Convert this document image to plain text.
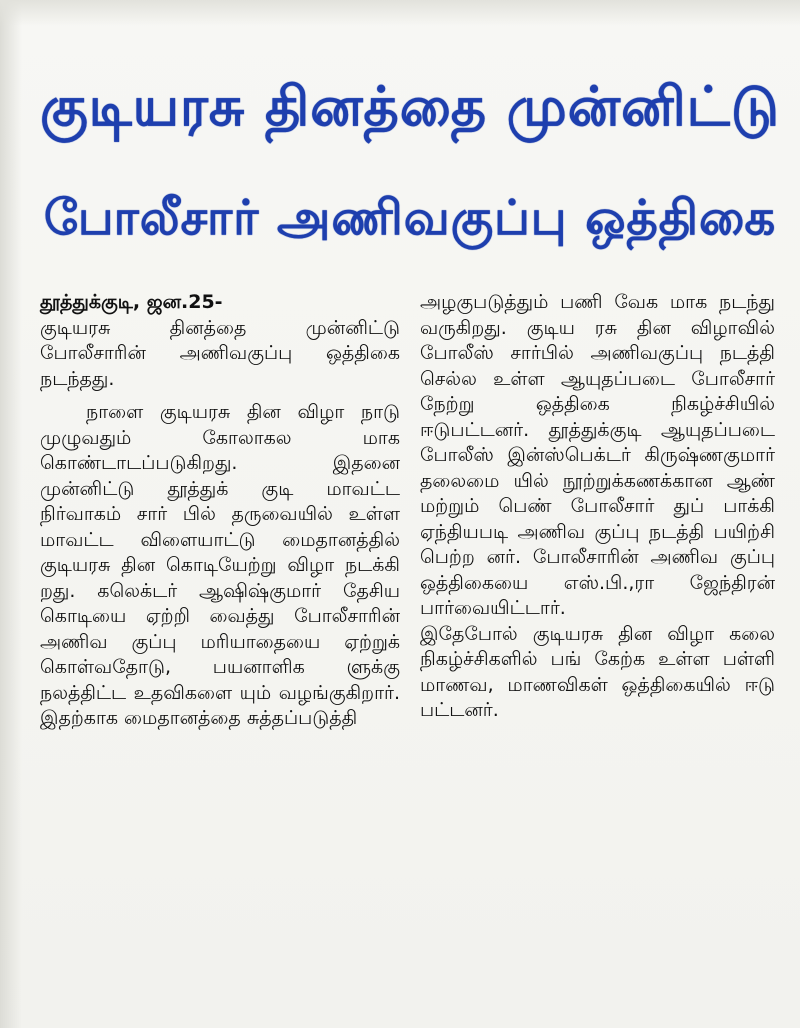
குடியரசு தினத்தை முன்னிட்டு
போலீசார் அணிவகுப்பு ஒத்திகை

தூத்துக்குடி, ஜன.25-

குடியரசு தினத்தை முன்னிட்டு போலீசாரின் அணிவகுப்பு ஒத்திகை நடந்தது.

நாளை குடியரசு தின விழா நாடு முழுவதும் கோலாகல மாக கொண்டாடப்படுகிறது. இதனை முன்னிட்டு தூத்துக் குடி மாவட்ட நிர்வாகம் சார் பில் தருவையில் உள்ள மாவட்ட விளையாட்டு மைதானத்தில் குடியரசு தின கொடியேற்று விழா நடக்கி றது. கலெக்டர் ஆஷிஷ்குமார் தேசிய கொடியை ஏற்றி வைத்து போலீசாரின் அணிவ குப்பு மரியாதையை ஏற்றுக் கொள்வதோடு, பயனாளிக ளுக்கு நலத்திட்ட உதவிகளை யும் வழங்குகிறார். இதற்காக மைதானத்தை சுத்தப்படுத்தி

அழகுபடுத்தும் பணி வேக மாக நடந்து வருகிறது. குடிய ரசு தின விழாவில் போலீஸ் சார்பில் அணிவகுப்பு நடத்தி செல்ல உள்ள ஆயுதப்படை போலீசார் நேற்று ஒத்திகை நிகழ்ச்சியில் ஈடுபட்டனர். தூத்துக்குடி ஆயுதப்படை போலீஸ் இன்ஸ்பெக்டர் கிருஷ்ணகுமார் தலைமை யில் நூற்றுக்கணக்கான ஆண் மற்றும் பெண் போலீசார் துப் பாக்கி ஏந்தியபடி அணிவ குப்பு நடத்தி பயிற்சி பெற்ற னர். போலீசாரின் அணிவ குப்பு ஒத்திகையை எஸ்.பி.,ரா ஜேந்திரன் பார்வையிட்டார்.

இதேபோல் குடியரசு தின விழா கலை நிகழ்ச்சிகளில் பங் கேற்க உள்ள பள்ளி மாணவ, மாணவிகள் ஒத்திகையில் ஈடு பட்டனர்.
